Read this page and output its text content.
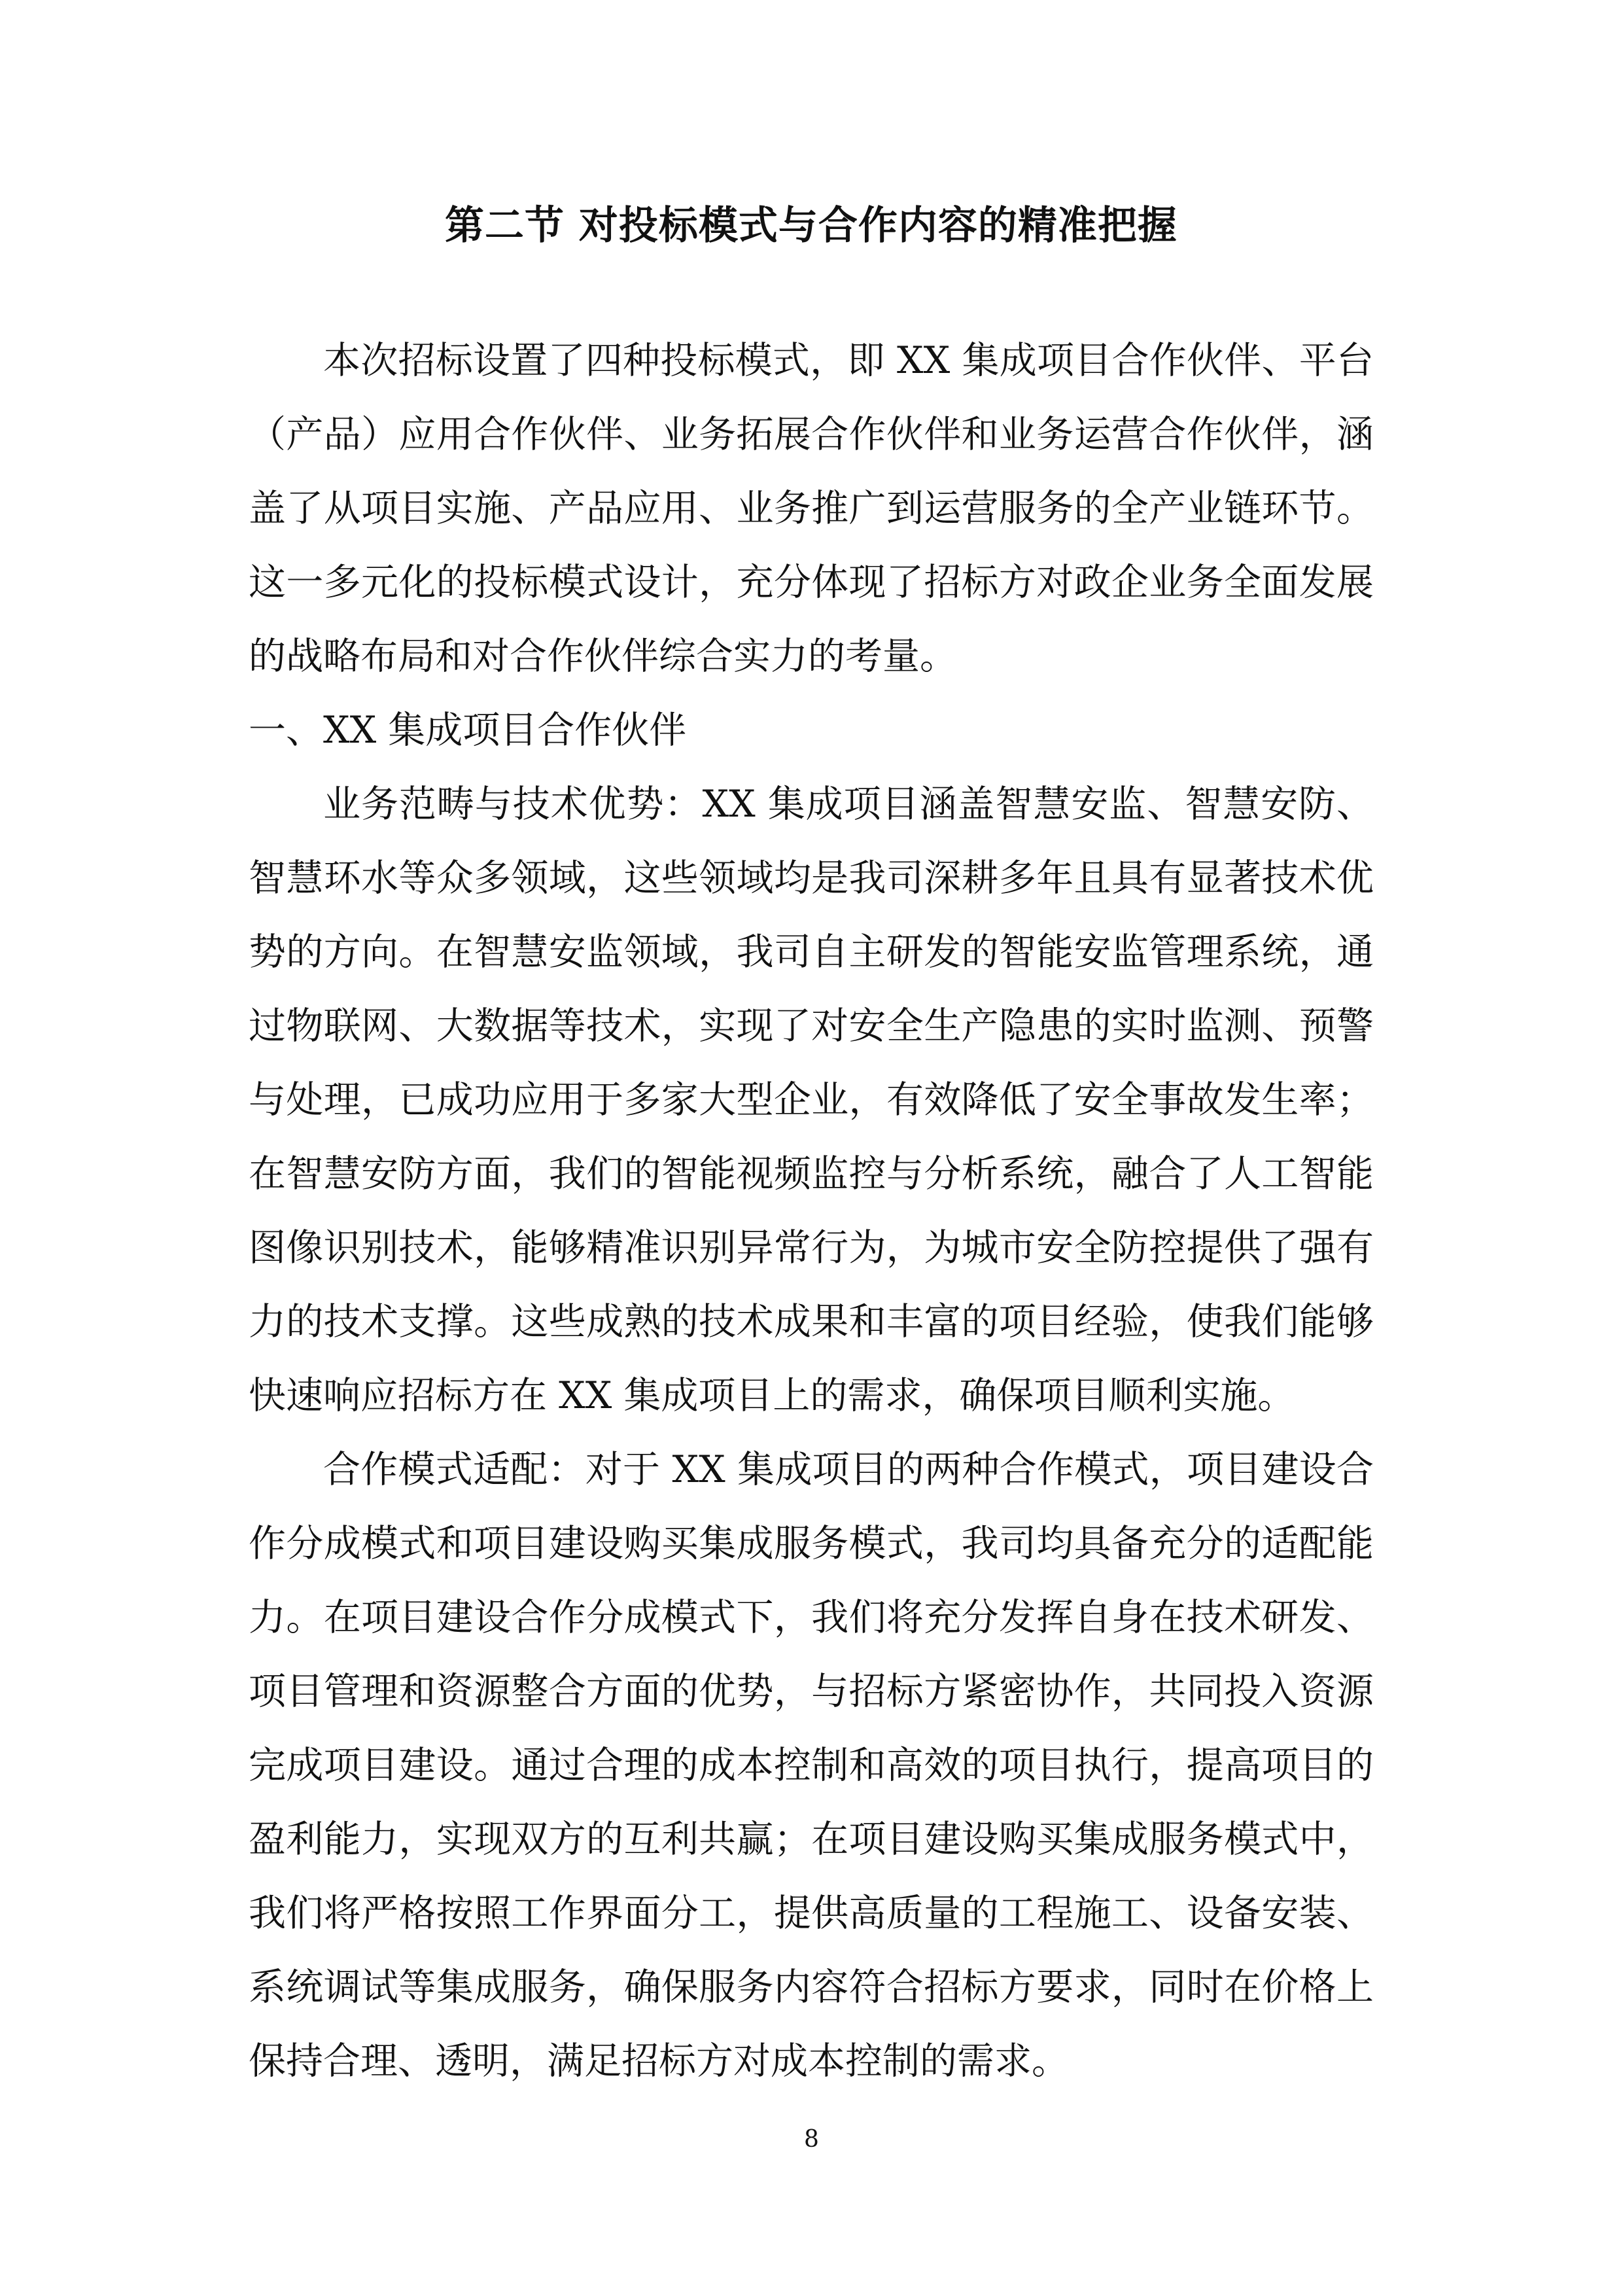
第二节 对投标模式与合作内容的精准把握

本次招标设置了四种投标模式，即 XX 集成项目合作伙伴、平台（产品）应用合作伙伴、业务拓展合作伙伴和业务运营合作伙伴，涵盖了从项目实施、产品应用、业务推广到运营服务的全产业链环节。这一多元化的投标模式设计，充分体现了招标方对政企业务全面发展的战略布局和对合作伙伴综合实力的考量。

一、XX 集成项目合作伙伴

业务范畴与技术优势：XX 集成项目涵盖智慧安监、智慧安防、智慧环水等众多领域，这些领域均是我司深耕多年且具有显著技术优势的方向。在智慧安监领域，我司自主研发的智能安监管理系统，通过物联网、大数据等技术，实现了对安全生产隐患的实时监测、预警与处理，已成功应用于多家大型企业，有效降低了安全事故发生率；在智慧安防方面，我们的智能视频监控与分析系统，融合了人工智能图像识别技术，能够精准识别异常行为，为城市安全防控提供了强有力的技术支撑。这些成熟的技术成果和丰富的项目经验，使我们能够快速响应招标方在 XX 集成项目上的需求，确保项目顺利实施。

合作模式适配：对于 XX 集成项目的两种合作模式，项目建设合作分成模式和项目建设购买集成服务模式，我司均具备充分的适配能力。在项目建设合作分成模式下，我们将充分发挥自身在技术研发、项目管理和资源整合方面的优势，与招标方紧密协作，共同投入资源完成项目建设。通过合理的成本控制和高效的项目执行，提高项目的盈利能力，实现双方的互利共赢；在项目建设购买集成服务模式中，我们将严格按照工作界面分工，提供高质量的工程施工、设备安装、系统调试等集成服务，确保服务内容符合招标方要求，同时在价格上保持合理、透明，满足招标方对成本控制的需求。

8
